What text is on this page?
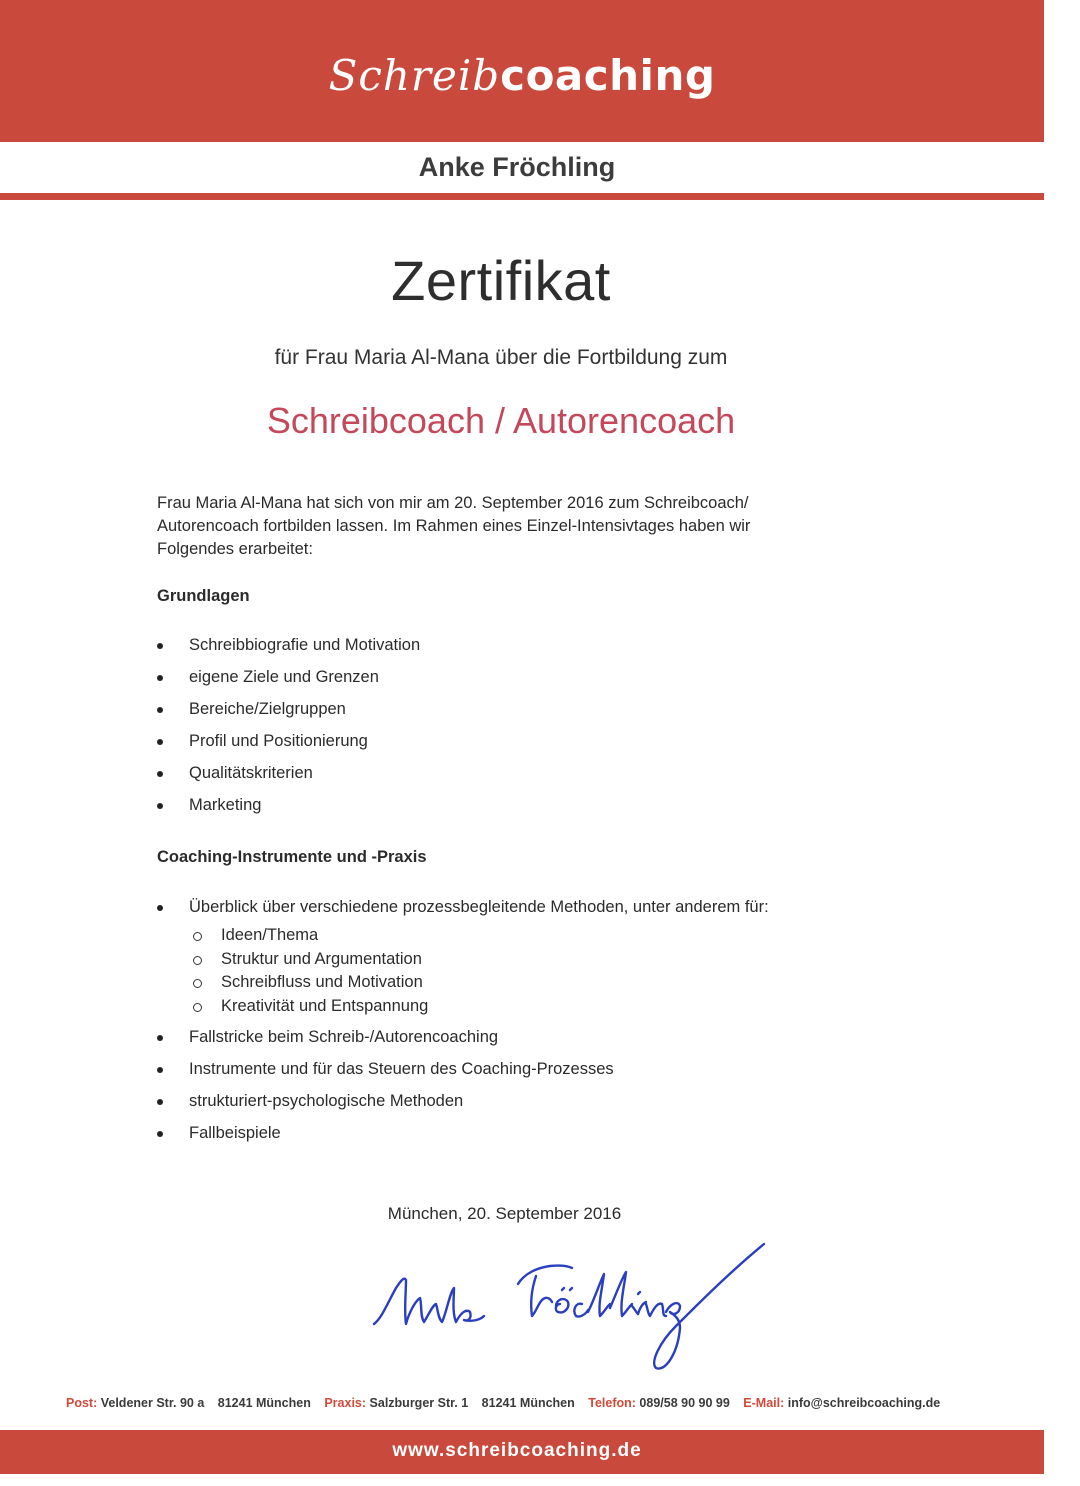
Schreibcoaching
Anke Fröchling
Zertifikat
für Frau Maria Al-Mana über die Fortbildung zum
Schreibcoach / Autorencoach

Frau Maria Al-Mana hat sich von mir am 20. September 2016 zum Schreibcoach/ Autorencoach fortbilden lassen. Im Rahmen eines Einzel-Intensivtages haben wir Folgendes erarbeitet:

Grundlagen

Schreibbiografie und Motivation
eigene Ziele und Grenzen
Bereiche/Zielgruppen
Profil und Positionierung
Qualitätskriterien
Marketing

Coaching-Instrumente und -Praxis

Überblick über verschiedene prozessbegleitende Methoden, unter anderem für:
Ideen/Thema
Struktur und Argumentation
Schreibfluss und Motivation
Kreativität und Entspannung
Fallstricke beim Schreib-/Autorencoaching
Instrumente und für das Steuern des Coaching-Prozesses
strukturiert-psychologische Methoden
Fallbeispiele
München, 20. September 2016
Post: Veldener Str. 90 a 81241 München Praxis: Salzburger Str. 1 81241 München Telefon: 089/58 90 90 99 E-Mail: info@schreibcoaching.de
www.schreibcoaching.de
